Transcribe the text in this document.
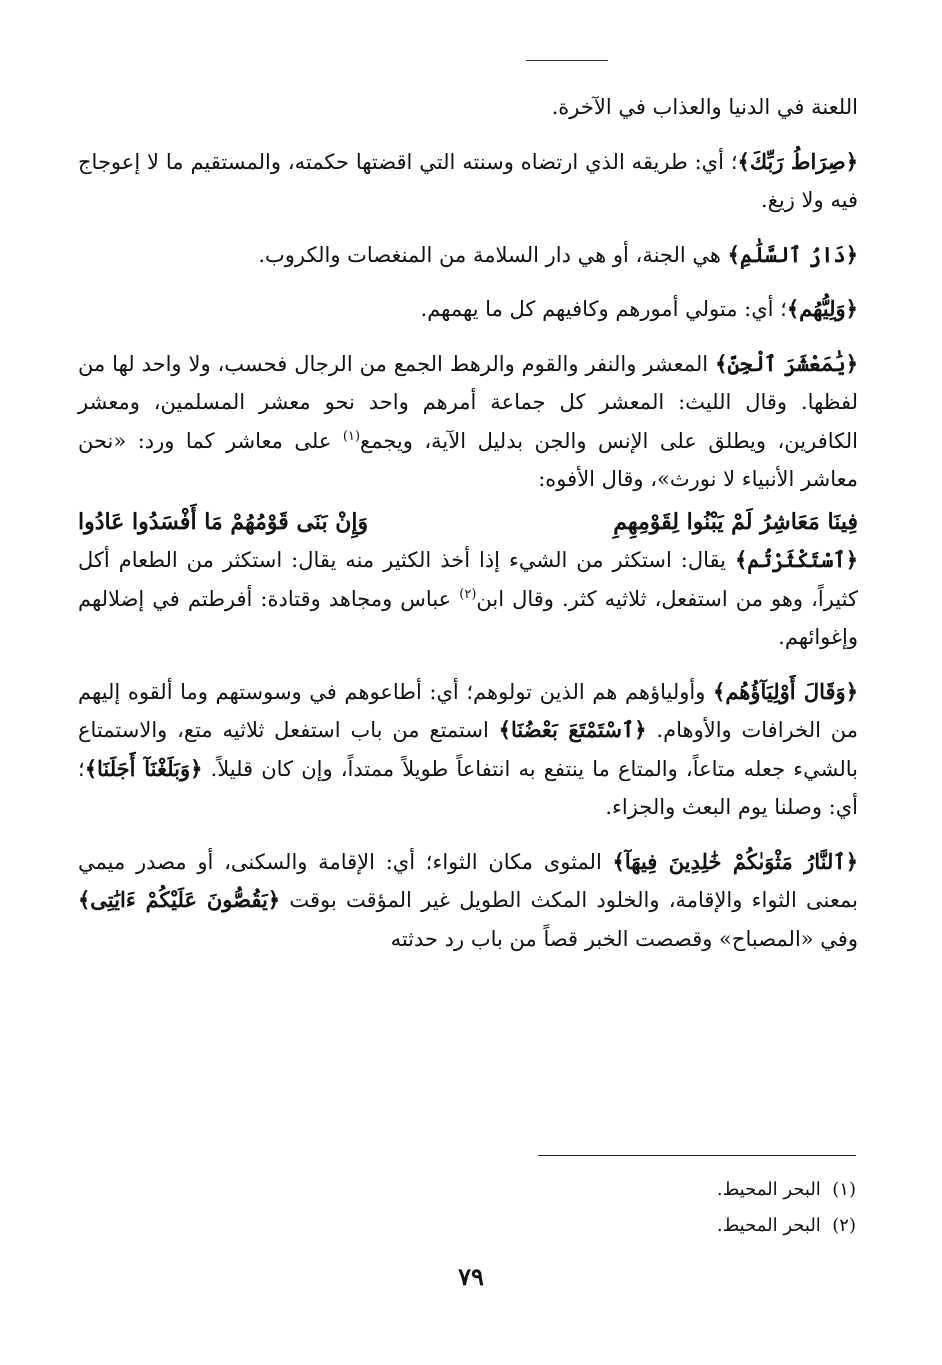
اللعنة في الدنيا والعذاب في الآخرة.

﴿صِرَاطُ رَبِّكَ﴾؛ أي: طريقه الذي ارتضاه وسنته التي اقضتها حكمته، والمستقيم ما لا إعوجاج فيه ولا زيغ.

﴿دَارُ ٱلسَّلَٰمِ﴾ هي الجنة، أو هي دار السلامة من المنغصات والكروب.

﴿وَلِيُّهُم﴾؛ أي: متولي أمورهم وكافيهم كل ما يهمهم.

﴿يَٰمَعْشَرَ ٱلْجِنِّ﴾ المعشر والنفر والقوم والرهط الجمع من الرجال فحسب، ولا واحد لها من لفظها. وقال الليث: المعشر كل جماعة أمرهم واحد نحو معشر المسلمين، ومعشر الكافرين، ويطلق على الإنس والجن بدليل الآية، ويجمع$^{(١)}$ على معاشر كما ورد: «نحن معاشر الأنبياء لا نورث»، وقال الأفوه:

فِينَا مَعَاشِرُ لَمْ يَبْنُوا لِقَوْمِهِمِ
وَإِنْ بَنَى قَوْمُهُمْ مَا أَفْسَدُوا عَادُوا

﴿ٱسْتَكْثَرْتُم﴾ يقال: استكثر من الشيء إذا أخذ الكثير منه يقال: استكثر من الطعام أكل كثيراً، وهو من استفعل، ثلاثيه كثر. وقال ابن$^{(٢)}$ عباس ومجاهد وقتادة: أفرطتم في إضلالهم وإغوائهم.

﴿وَقَالَ أَوْلِيَآؤُهُم﴾ وأولياؤهم هم الذين تولوهم؛ أي: أطاعوهم في وسوستهم وما ألقوه إليهم من الخرافات والأوهام. ﴿ٱسْتَمْتَعَ بَعْضُنَا﴾ استمتع من باب استفعل ثلاثيه متع، والاستمتاع بالشيء جعله متاعاً، والمتاع ما ينتفع به انتفاعاً طويلاً ممتداً، وإن كان قليلاً. ﴿وَبَلَغْنَآ أَجَلَنَا﴾؛ أي: وصلنا يوم البعث والجزاء.

﴿ٱلنَّارُ مَثْوَىٰكُمْ خَٰلِدِينَ فِيهَآ﴾ المثوى مكان الثواء؛ أي: الإقامة والسكنى، أو مصدر ميمي بمعنى الثواء والإقامة، والخلود المكث الطويل غير المؤقت بوقت ﴿يَقُصُّونَ عَلَيْكُمْ ءَايَٰتِى﴾ وفي «المصباح» وقصصت الخبر قصاً من باب رد حدثته

(١)  البحر المحيط.

(٢)  البحر المحيط.

٧٩
